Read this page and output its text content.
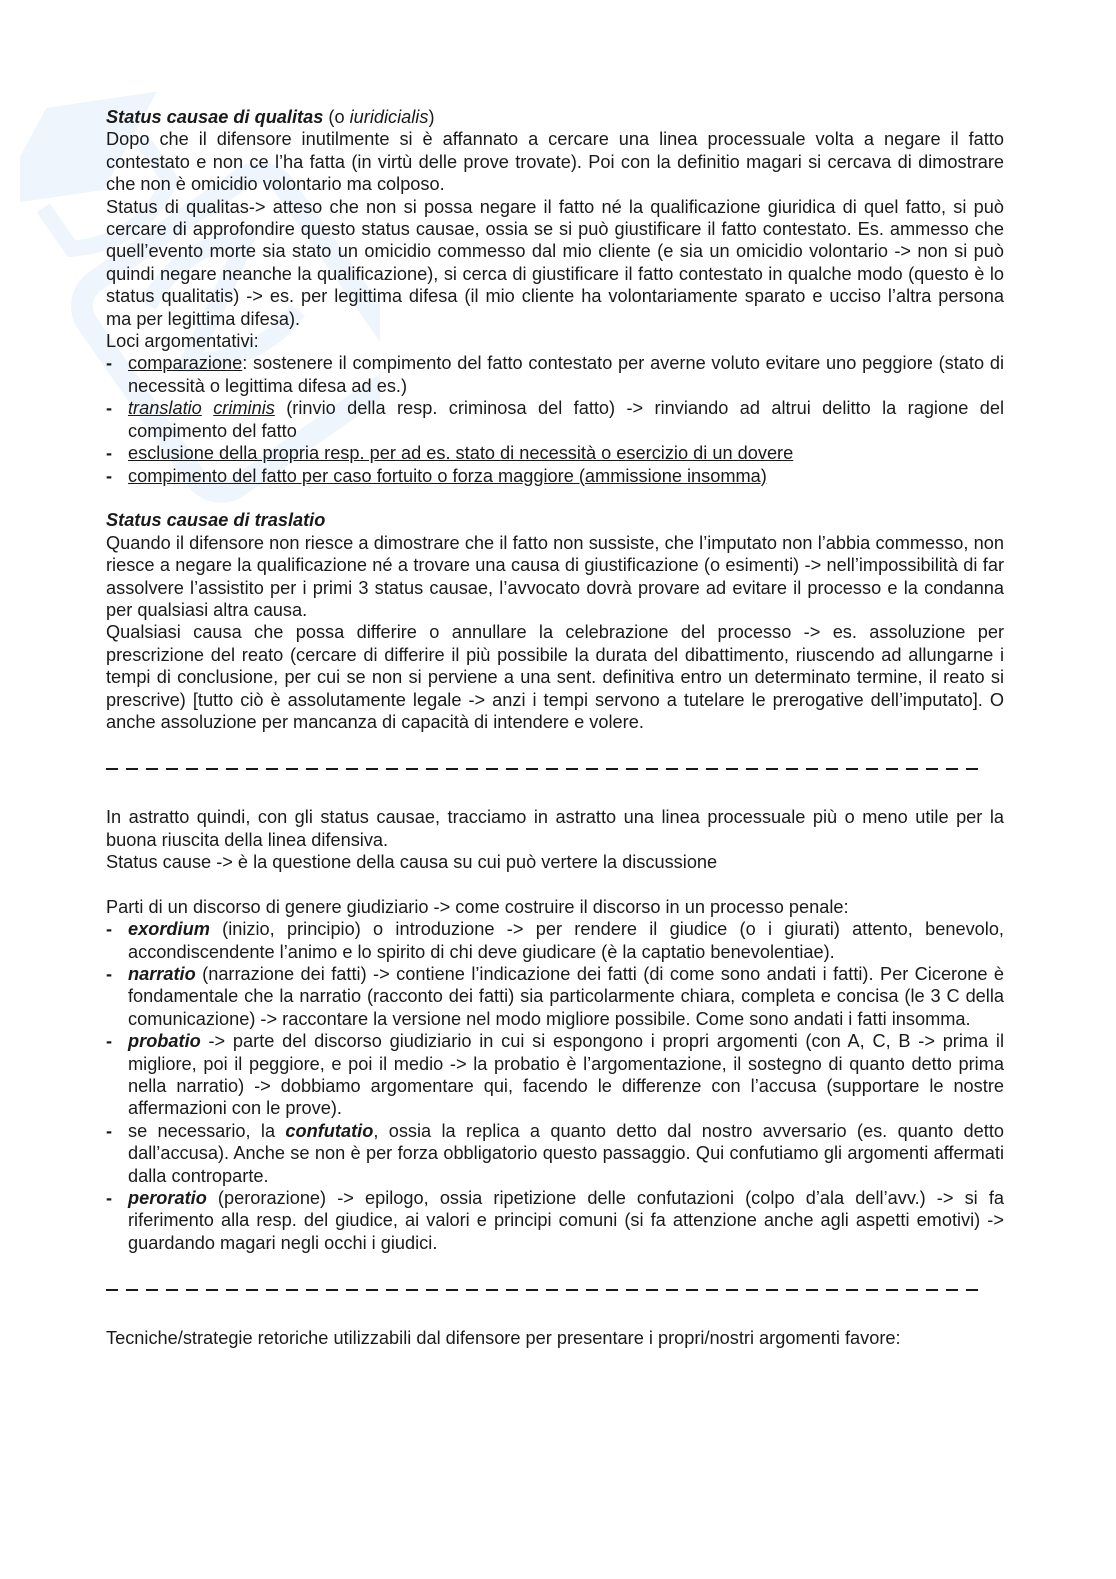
Status causae di qualitas (o iuridicialis)

Dopo che il difensore inutilmente si è affannato a cercare una linea processuale volta a negare il fatto contestato e non ce l’ha fatta (in virtù delle prove trovate). Poi con la definitio magari si cercava di dimostrare che non è omicidio volontario ma colposo.

Status di qualitas-> atteso che non si possa negare il fatto né la qualificazione giuridica di quel fatto, si può cercare di approfondire questo status causae, ossia se si può giustificare il fatto contestato. Es. ammesso che quell’evento morte sia stato un omicidio commesso dal mio cliente (e sia un omicidio volontario -> non si può quindi negare neanche la qualificazione), si cerca di giustificare il fatto contestato in qualche modo (questo è lo status qualitatis) -> es. per legittima difesa (il mio cliente ha volontariamente sparato e ucciso l’altra persona ma per legittima difesa).

Loci argomentativi:

- comparazione: sostenere il compimento del fatto contestato per averne voluto evitare uno peggiore (stato di necessità o legittima difesa ad es.)
- translatio criminis (rinvio della resp. criminosa del fatto) -> rinviando ad altrui delitto la ragione del compimento del fatto
- esclusione della propria resp. per ad es. stato di necessità o esercizio di un dovere
- compimento del fatto per caso fortuito o forza maggiore (ammissione insomma)

Status causae di traslatio

Quando il difensore non riesce a dimostrare che il fatto non sussiste, che l’imputato non l’abbia commesso, non riesce a negare la qualificazione né a trovare una causa di giustificazione (o esimenti) -> nell’impossibilità di far assolvere l’assistito per i primi 3 status causae, l’avvocato dovrà provare ad evitare il processo e la condanna per qualsiasi altra causa.

Qualsiasi causa che possa differire o annullare la celebrazione del processo -> es. assoluzione per prescrizione del reato (cercare di differire il più possibile la durata del dibattimento, riuscendo ad allungarne i tempi di conclusione, per cui se non si perviene a una sent. definitiva entro un determinato termine, il reato si prescrive) [tutto ciò è assolutamente legale -> anzi i tempi servono a tutelare le prerogative dell’imputato]. O anche assoluzione per mancanza di capacità di intendere e volere.

In astratto quindi, con gli status causae, tracciamo in astratto una linea processuale più o meno utile per la buona riuscita della linea difensiva.

Status cause -> è la questione della causa su cui può vertere la discussione

Parti di un discorso di genere giudiziario -> come costruire il discorso in un processo penale:

- exordium (inizio, principio) o introduzione -> per rendere il giudice (o i giurati) attento, benevolo, accondiscendente l’animo e lo spirito di chi deve giudicare (è la captatio benevolentiae).
- narratio (narrazione dei fatti) -> contiene l’indicazione dei fatti (di come sono andati i fatti). Per Cicerone è fondamentale che la narratio (racconto dei fatti) sia particolarmente chiara, completa e concisa (le 3 C della comunicazione) -> raccontare la versione nel modo migliore possibile. Come sono andati i fatti insomma.
- probatio -> parte del discorso giudiziario in cui si espongono i propri argomenti (con A, C, B -> prima il migliore, poi il peggiore, e poi il medio -> la probatio è l’argomentazione, il sostegno di quanto detto prima nella narratio) -> dobbiamo argomentare qui, facendo le differenze con l’accusa (supportare le nostre affermazioni con le prove).
- se necessario, la confutatio, ossia la replica a quanto detto dal nostro avversario (es. quanto detto dall’accusa). Anche se non è per forza obbligatorio questo passaggio. Qui confutiamo gli argomenti affermati dalla controparte.
- peroratio (perorazione) -> epilogo, ossia ripetizione delle confutazioni (colpo d’ala dell’avv.) -> si fa riferimento alla resp. del giudice, ai valori e principi comuni (si fa attenzione anche agli aspetti emotivi) -> guardando magari negli occhi i giudici.

Tecniche/strategie retoriche utilizzabili dal difensore per presentare i propri/nostri argomenti favore:
